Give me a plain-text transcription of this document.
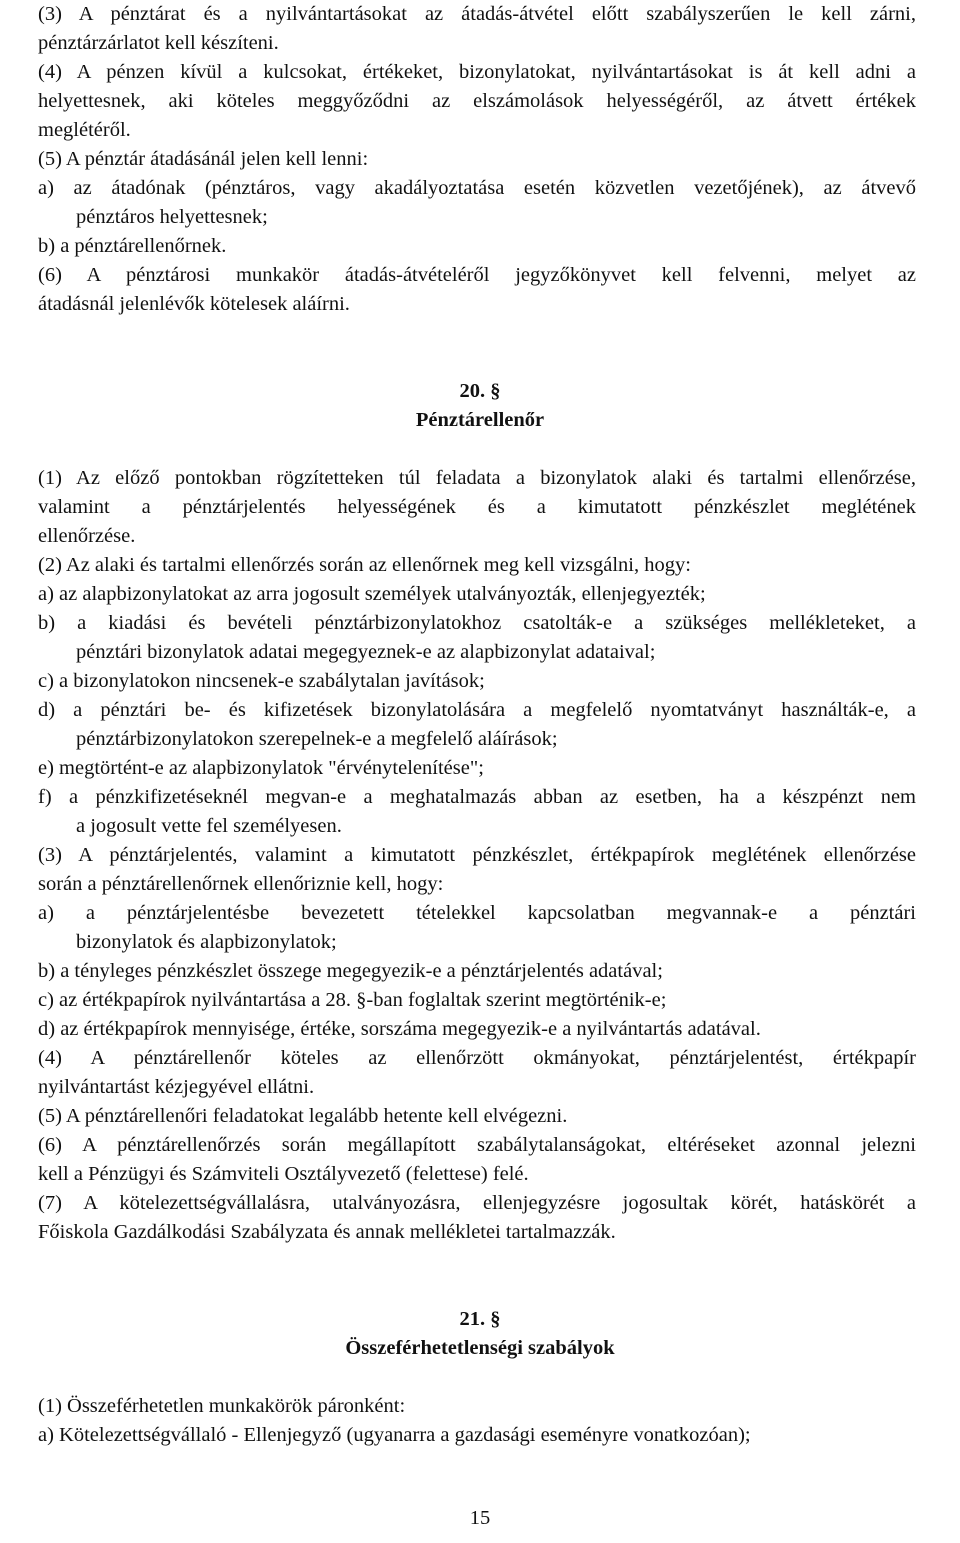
(3) A pénztárat és a nyilvántartásokat az átadás-átvétel előtt szabályszerűen le kell zárni,
pénztárzárlatot kell készíteni.
(4) A pénzen kívül a kulcsokat, értékeket, bizonylatokat, nyilvántartásokat is át kell adni a
helyettesnek, aki köteles meggyőződni az elszámolások helyességéről, az átvett értékek
meglétéről.
(5) A pénztár átadásánál jelen kell lenni:
a) az átadónak (pénztáros, vagy akadályoztatása esetén közvetlen vezetőjének), az átvevő
pénztáros helyettesnek;
b) a pénztárellenőrnek.
(6) A pénztárosi munkakör átadás-átvételéről jegyzőkönyvet kell felvenni, melyet az
átadásnál jelenlévők kötelesek aláírni.
20. §
Pénztárellenőr
(1) Az előző pontokban rögzítetteken túl feladata a bizonylatok alaki és tartalmi ellenőrzése,
valamint a pénztárjelentés helyességének és a kimutatott pénzkészlet meglétének
ellenőrzése.
(2) Az alaki és tartalmi ellenőrzés során az ellenőrnek meg kell vizsgálni, hogy:
a) az alapbizonylatokat az arra jogosult személyek utalványozták, ellenjegyezték;
b) a kiadási és bevételi pénztárbizonylatokhoz csatolták-e a szükséges mellékleteket, a
pénztári bizonylatok adatai megegyeznek-e az alapbizonylat adataival;
c) a bizonylatokon nincsenek-e szabálytalan javítások;
d) a pénztári be- és kifizetések bizonylatolására a megfelelő nyomtatványt használták-e, a
pénztárbizonylatokon szerepelnek-e a megfelelő aláírások;
e) megtörtént-e az alapbizonylatok "érvénytelenítése";
f) a pénzkifizetéseknél megvan-e a meghatalmazás abban az esetben, ha a készpénzt nem
a jogosult vette fel személyesen.
(3) A pénztárjelentés, valamint a kimutatott pénzkészlet, értékpapírok meglétének ellenőrzése
során a pénztárellenőrnek ellenőriznie kell, hogy:
a) a pénztárjelentésbe bevezetett tételekkel kapcsolatban megvannak-e a pénztári
bizonylatok és alapbizonylatok;
b) a tényleges pénzkészlet összege megegyezik-e a pénztárjelentés adatával;
c) az értékpapírok nyilvántartása a 28. §-ban foglaltak szerint megtörténik-e;
d) az értékpapírok mennyisége, értéke, sorszáma megegyezik-e a nyilvántartás adatával.
(4) A pénztárellenőr köteles az ellenőrzött okmányokat, pénztárjelentést, értékpapír
nyilvántartást kézjegyével ellátni.
(5) A pénztárellenőri feladatokat legalább hetente kell elvégezni.
(6) A pénztárellenőrzés során megállapított szabálytalanságokat, eltéréseket azonnal jelezni
kell a Pénzügyi és Számviteli Osztályvezető (felettese) felé.
(7) A kötelezettségvállalásra, utalványozásra, ellenjegyzésre jogosultak körét, hatáskörét a
Főiskola Gazdálkodási Szabályzata és annak mellékletei tartalmazzák.
21. §
Összeférhetetlenségi szabályok
(1) Összeférhetetlen munkakörök páronként:
a) Kötelezettségvállaló - Ellenjegyző (ugyanarra a gazdasági eseményre vonatkozóan);
15
